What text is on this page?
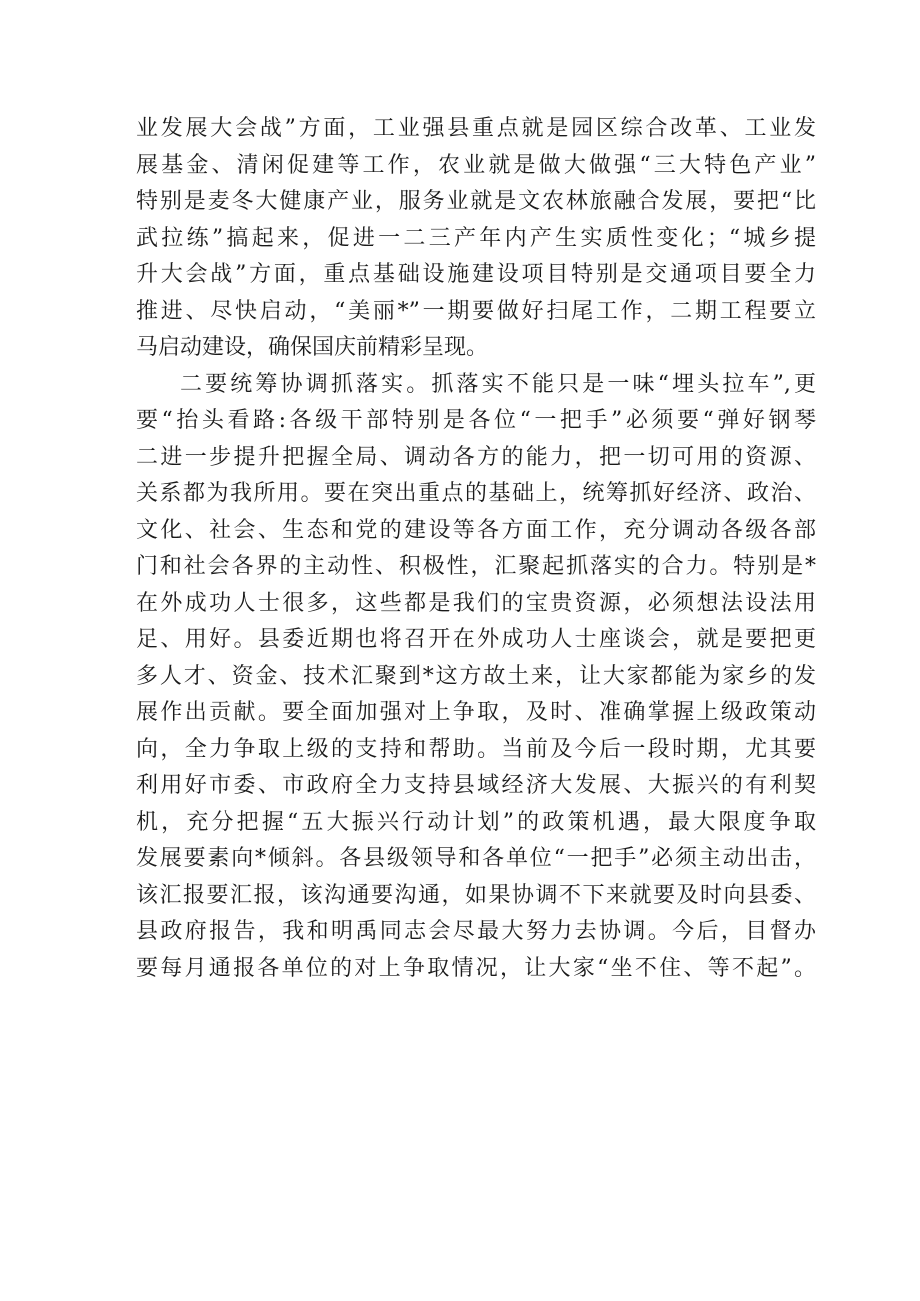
业发展大会战”方面，工业强县重点就是园区综合改革、工业发
展基金、清闲促建等工作，农业就是做大做强“三大特色产业”
特别是麦冬大健康产业，服务业就是文农林旅融合发展，要把“比
武拉练”搞起来，促进一二三产年内产生实质性变化；“城乡提
升大会战”方面，重点基础设施建设项目特别是交通项目要全力
推进、尽快启动，“美丽*”一期要做好扫尾工作，二期工程要立
马启动建设，确保国庆前精彩呈现。
二要统筹协调抓落实。抓落实不能只是一味“埋头拉车”,更
要“抬头看路:各级干部特别是各位“一把手”必须要“弹好钢琴
二进一步提升把握全局、调动各方的能力，把一切可用的资源、
关系都为我所用。要在突出重点的基础上，统筹抓好经济、政治、
文化、社会、生态和党的建设等各方面工作，充分调动各级各部
门和社会各界的主动性、积极性，汇聚起抓落实的合力。特别是*
在外成功人士很多，这些都是我们的宝贵资源，必须想法设法用
足、用好。县委近期也将召开在外成功人士座谈会，就是要把更
多人才、资金、技术汇聚到*这方故土来，让大家都能为家乡的发
展作出贡献。要全面加强对上争取，及时、准确掌握上级政策动
向，全力争取上级的支持和帮助。当前及今后一段时期，尤其要
利用好市委、市政府全力支持县域经济大发展、大振兴的有利契
机，充分把握“五大振兴行动计划”的政策机遇，最大限度争取
发展要素向*倾斜。各县级领导和各单位“一把手”必须主动出击，
该汇报要汇报，该沟通要沟通，如果协调不下来就要及时向县委、
县政府报告，我和明禹同志会尽最大努力去协调。今后，目督办
要每月通报各单位的对上争取情况，让大家“坐不住、等不起”。
